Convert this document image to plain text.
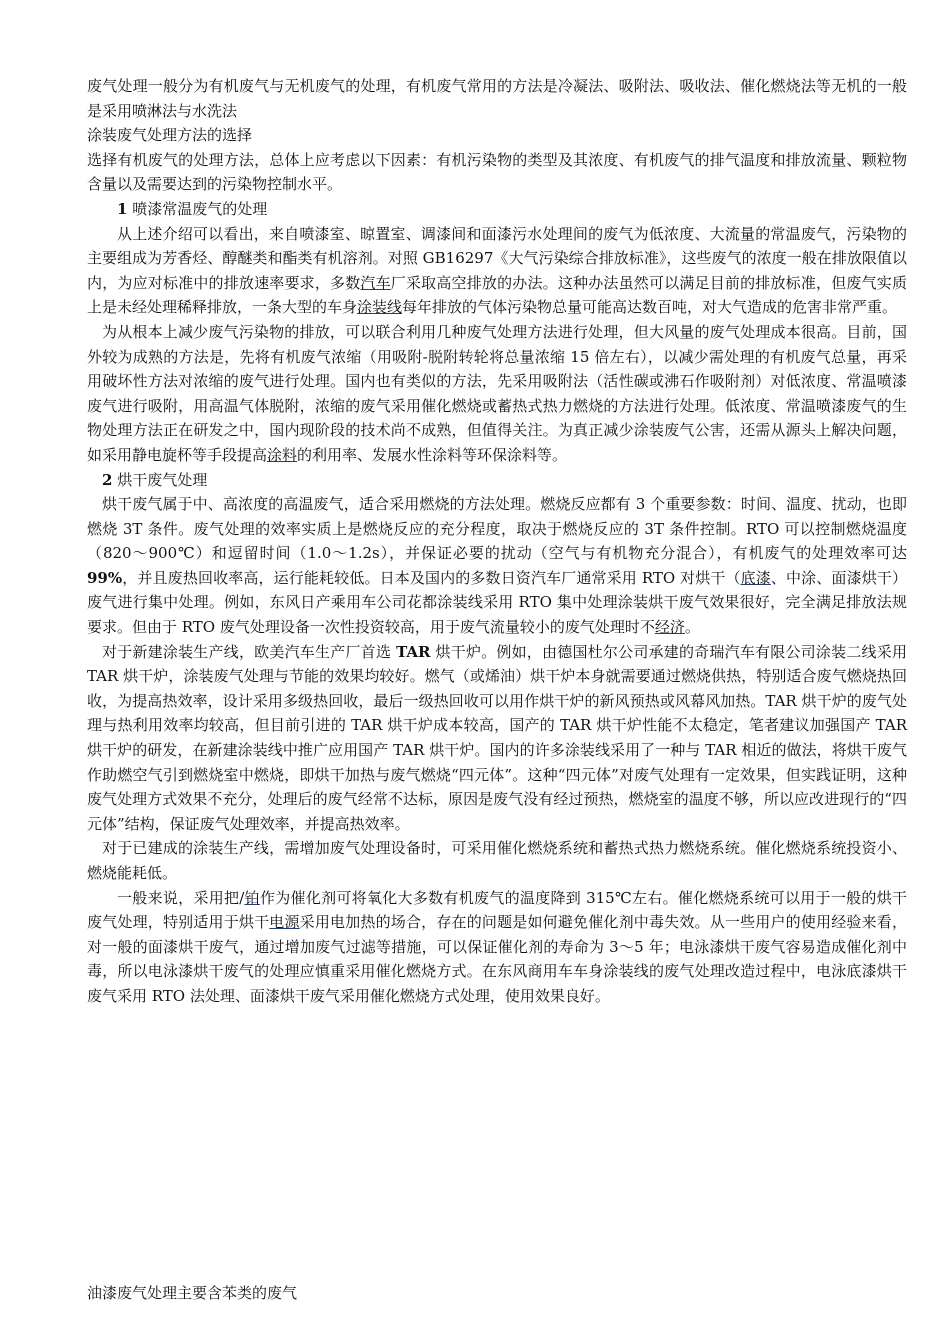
废气处理一般分为有机废气与无机废气的处理，有机废气常用的方法是冷凝法、吸附法、吸收法、催化燃烧法等无机的一般是采用喷淋法与水洗法

涂装废气处理方法的选择

选择有机废气的处理方法，总体上应考虑以下因素：有机污染物的类型及其浓度、有机废气的排气温度和排放流量、颗粒物含量以及需要达到的污染物控制水平。

1 喷漆常温废气的处理

从上述介绍可以看出，来自喷漆室、晾置室、调漆间和面漆污水处理间的废气为低浓度、大流量的常温废气，污染物的主要组成为芳香烃、醇醚类和酯类有机溶剂。对照 GB16297《大气污染综合排放标准》，这些废气的浓度一般在排放限值以内，为应对标准中的排放速率要求，多数汽车厂采取高空排放的办法。这种办法虽然可以满足目前的排放标准，但废气实质上是未经处理稀释排放，一条大型的车身涂装线每年排放的气体污染物总量可能高达数百吨，对大气造成的危害非常严重。

为从根本上减少废气污染物的排放，可以联合利用几种废气处理方法进行处理，但大风量的废气处理成本很高。目前，国外较为成熟的方法是，先将有机废气浓缩（用吸附-脱附转轮将总量浓缩 15 倍左右），以减少需处理的有机废气总量，再采用破坏性方法对浓缩的废气进行处理。国内也有类似的方法，先采用吸附法（活性碳或沸石作吸附剂）对低浓度、常温喷漆废气进行吸附，用高温气体脱附，浓缩的废气采用催化燃烧或蓄热式热力燃烧的方法进行处理。低浓度、常温喷漆废气的生物处理方法正在研发之中，国内现阶段的技术尚不成熟，但值得关注。为真正减少涂装废气公害，还需从源头上解决问题，如采用静电旋杯等手段提高涂料的利用率、发展水性涂料等环保涂料等。

2 烘干废气处理

烘干废气属于中、高浓度的高温废气，适合采用燃烧的方法处理。燃烧反应都有 3 个重要参数：时间、温度、扰动，也即燃烧 3T 条件。废气处理的效率实质上是燃烧反应的充分程度，取决于燃烧反应的 3T 条件控制。RTO 可以控制燃烧温度（820～900℃）和逗留时间（1.0～1.2s），并保证必要的扰动（空气与有机物充分混合），有机废气的处理效率可达 99%，并且废热回收率高，运行能耗较低。日本及国内的多数日资汽车厂通常采用 RTO 对烘干（底漆、中涂、面漆烘干）废气进行集中处理。例如，东风日产乘用车公司花都涂装线采用 RTO 集中处理涂装烘干废气效果很好，完全满足排放法规要求。但由于 RTO 废气处理设备一次性投资较高，用于废气流量较小的废气处理时不经济。

对于新建涂装生产线，欧美汽车生产厂首选 TAR 烘干炉。例如，由德国杜尔公司承建的奇瑞汽车有限公司涂装二线采用 TAR 烘干炉，涂装废气处理与节能的效果均较好。燃气（或烯油）烘干炉本身就需要通过燃烧供热，特别适合废气燃烧热回收，为提高热效率，设计采用多级热回收，最后一级热回收可以用作烘干炉的新风预热或风幕风加热。TAR 烘干炉的废气处理与热利用效率均较高，但目前引进的 TAR 烘干炉成本较高，国产的 TAR 烘干炉性能不太稳定，笔者建议加强国产 TAR 烘干炉的研发，在新建涂装线中推广应用国产 TAR 烘干炉。国内的许多涂装线采用了一种与 TAR 相近的做法，将烘干废气作助燃空气引到燃烧室中燃烧，即烘干加热与废气燃烧“四元体”。这种“四元体”对废气处理有一定效果，但实践证明，这种废气处理方式效果不充分，处理后的废气经常不达标，原因是废气没有经过预热，燃烧室的温度不够，所以应改进现行的“四元体”结构，保证废气处理效率，并提高热效率。

对于已建成的涂装生产线，需增加废气处理设备时，可采用催化燃烧系统和蓄热式热力燃烧系统。催化燃烧系统投资小、燃烧能耗低。

一般来说，采用把/铂作为催化剂可将氧化大多数有机废气的温度降到 315℃左右。催化燃烧系统可以用于一般的烘干废气处理，特别适用于烘干电源采用电加热的场合，存在的问题是如何避免催化剂中毒失效。从一些用户的使用经验来看，对一般的面漆烘干废气，通过增加废气过滤等措施，可以保证催化剂的寿命为 3～5 年；电泳漆烘干废气容易造成催化剂中毒，所以电泳漆烘干废气的处理应慎重采用催化燃烧方式。在东风商用车车身涂装线的废气处理改造过程中，电泳底漆烘干废气采用 RTO 法处理、面漆烘干废气采用催化燃烧方式处理，使用效果良好。

油漆废气处理主要含苯类的废气
